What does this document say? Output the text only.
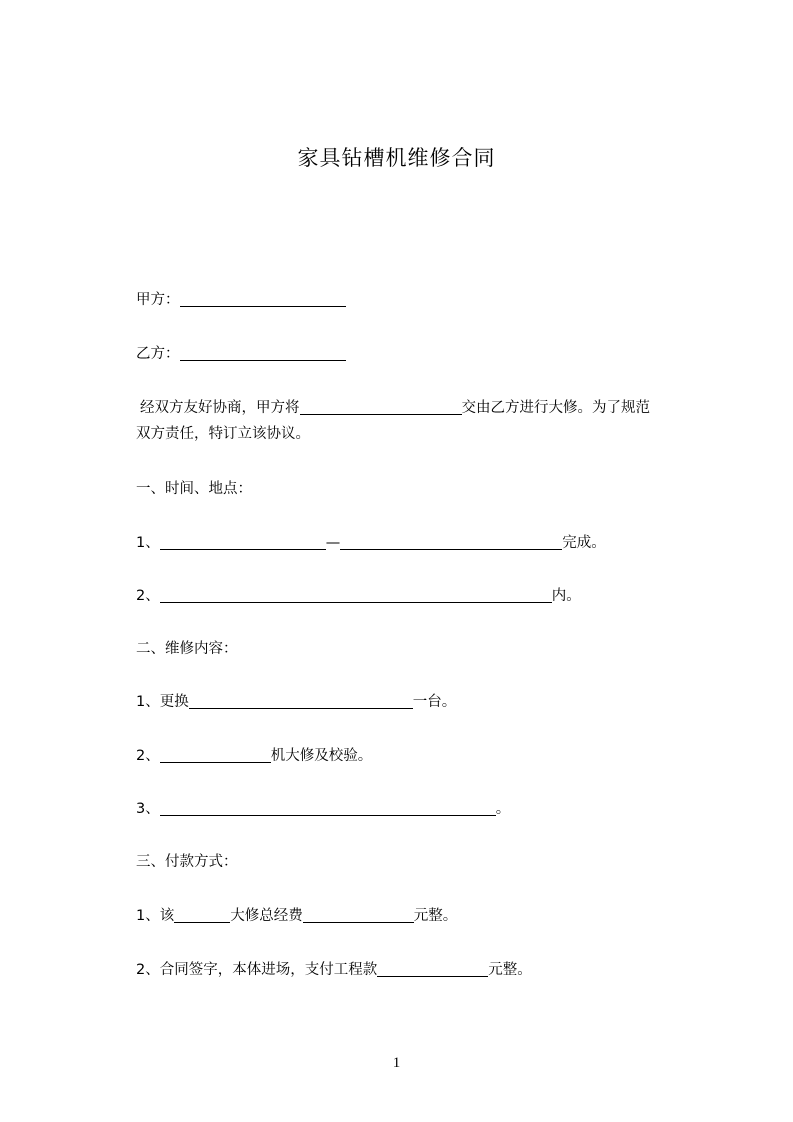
家具钻槽机维修合同
甲方：
乙方：
经双方友好协商，甲方将	交由乙方进行大修。为了规范
双方责任，特订立该协议。
一、时间、地点：
1、	—	完成。
2、	内。
二、维修内容：
1、更换	一台。
2、	机大修及校验。
3、	。
三、付款方式：
1、该	大修总经费	元整。
2、合同签字，本体进场，支付工程款	元整。
1
